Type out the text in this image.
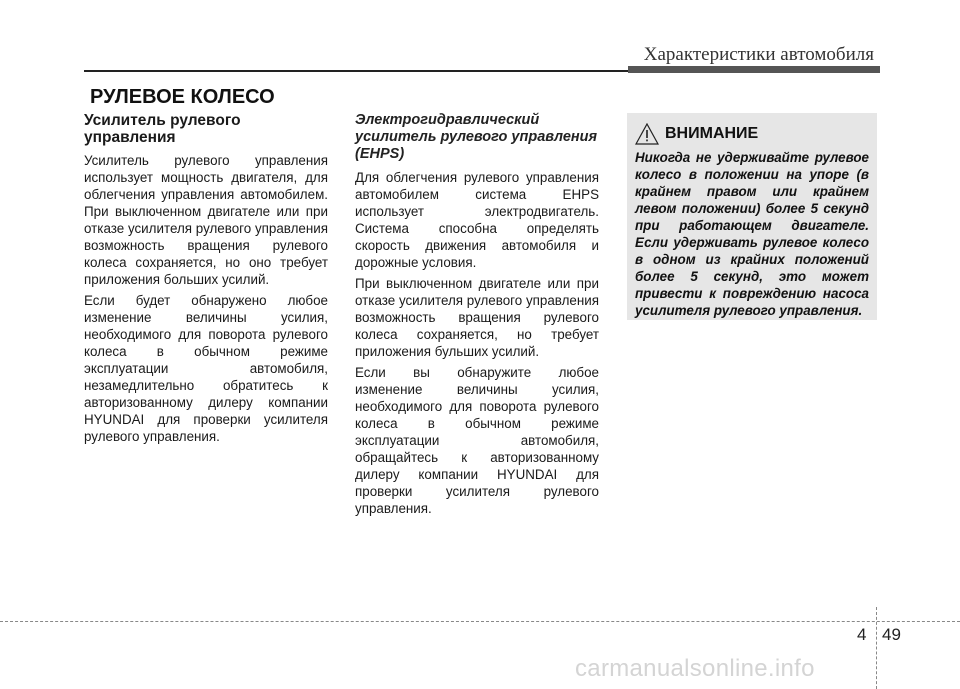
Характеристики автомобиля
РУЛЕВОЕ КОЛЕСО
Усилитель рулевого управления

Усилитель рулевого управления использует мощность двигателя, для облегчения управления автомобилем. При выключенном двигателе или при отказе усилителя рулевого управления возможность вращения рулевого колеса сохраняется, но оно требует приложения больших усилий.

Если будет обнаружено любое изменение величины усилия, необходимого для поворота рулевого колеса в обычном режиме эксплуатации автомобиля, незамедлительно обратитесь к авторизованному дилеру компании HYUNDAI для проверки усилителя рулевого управления.

Электрогидравлический усилитель рулевого управления (EHPS)

Для облегчения рулевого управления автомобилем система EHPS использует электродвигатель. Система способна определять скорость движения автомобиля и дорожные условия.

При выключенном двигателе или при отказе усилителя рулевого управления возможность вращения рулевого колеса сохраняется, но требует приложения бульших усилий.

Если вы обнаружите любое изменение величины усилия, необходимого для поворота рулевого колеса в обычном режиме эксплуатации автомобиля, обращайтесь к авторизованному дилеру компании HYUNDAI для проверки усилителя рулевого управления.

ВНИМАНИЕ

Никогда не удерживайте рулевое колесо в положении на упоре (в крайнем правом или крайнем левом положении) более 5 секунд при работающем двигателе. Если удерживать рулевое колесо в одном из крайних положений более 5 секунд, это может привести к повреждению насоса усилителя рулевого управления.

4 49
carmanualsonline.info
